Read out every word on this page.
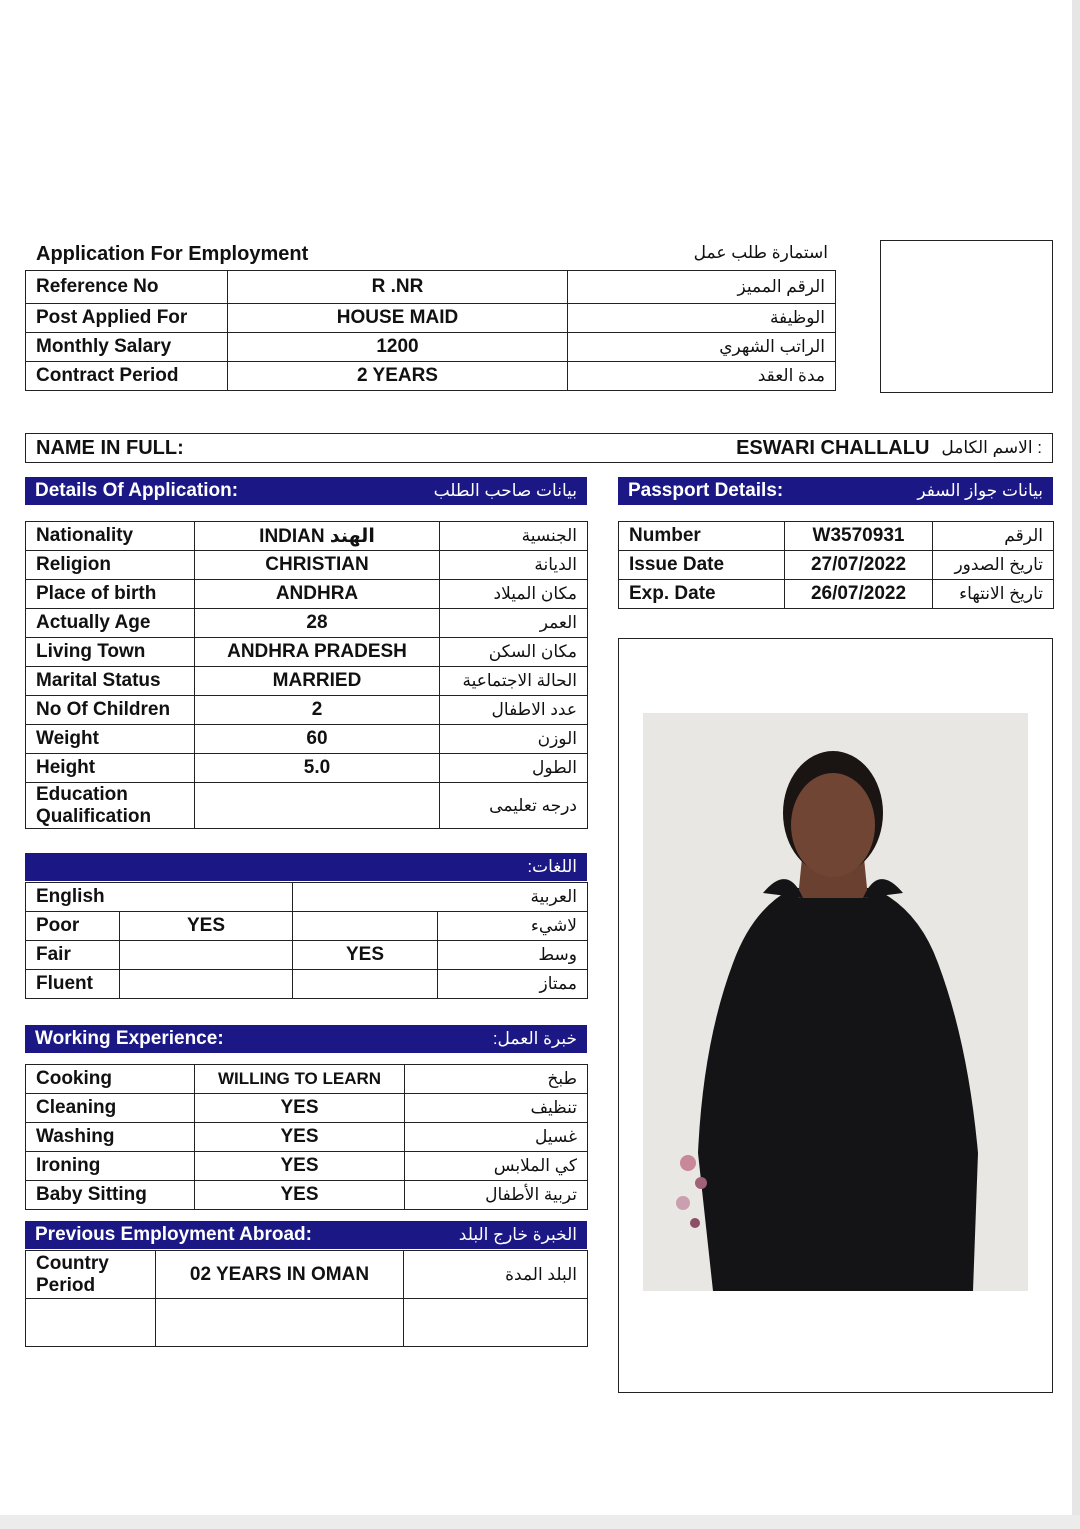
Application For Employment	استمارة طلب عمل
Reference No	R .NR	الرقم المميز
Post Applied For	HOUSE MAID	الوظيفة
Monthly Salary	1200	الراتب الشهري
Contract Period	2 YEARS	مدة العقد
NAME IN FULL:	ESWARI CHALLALU : الاسم الكامل
Details Of Application:	بيانات صاحب الطلب
Nationality	INDIAN الهند	الجنسية
Religion	CHRISTIAN	الديانة
Place of birth	ANDHRA	مكان الميلاد
Actually Age	28	العمر
Living Town	ANDHRA PRADESH	مكان السكن
Marital Status	MARRIED	الحالة الاجتماعية
No Of Children	2	عدد الاطفال
Weight	60	الوزن
Height	5.0	الطول
Education Qualification		درجه تعليمى
Passport Details:	بيانات جواز السفر
Number	W3570931	الرقم
Issue Date	27/07/2022	تاريخ الصدور
Exp. Date	26/07/2022	تاريخ الانتهاء
اللغات:
English		العربية	
Poor	YES		لاشيء
Fair		YES	وسط
Fluent			ممتاز
Working Experience:	خبرة العمل:
Cooking	WILLING TO LEARN	طبخ
Cleaning	YES	تنظيف
Washing	YES	غسيل
Ironing	YES	كي الملابس
Baby Sitting	YES	تربية الأطفال
Previous Employment Abroad:	الخبرة خارج البلد
Country Period	02 YEARS IN OMAN	البلد المدة
